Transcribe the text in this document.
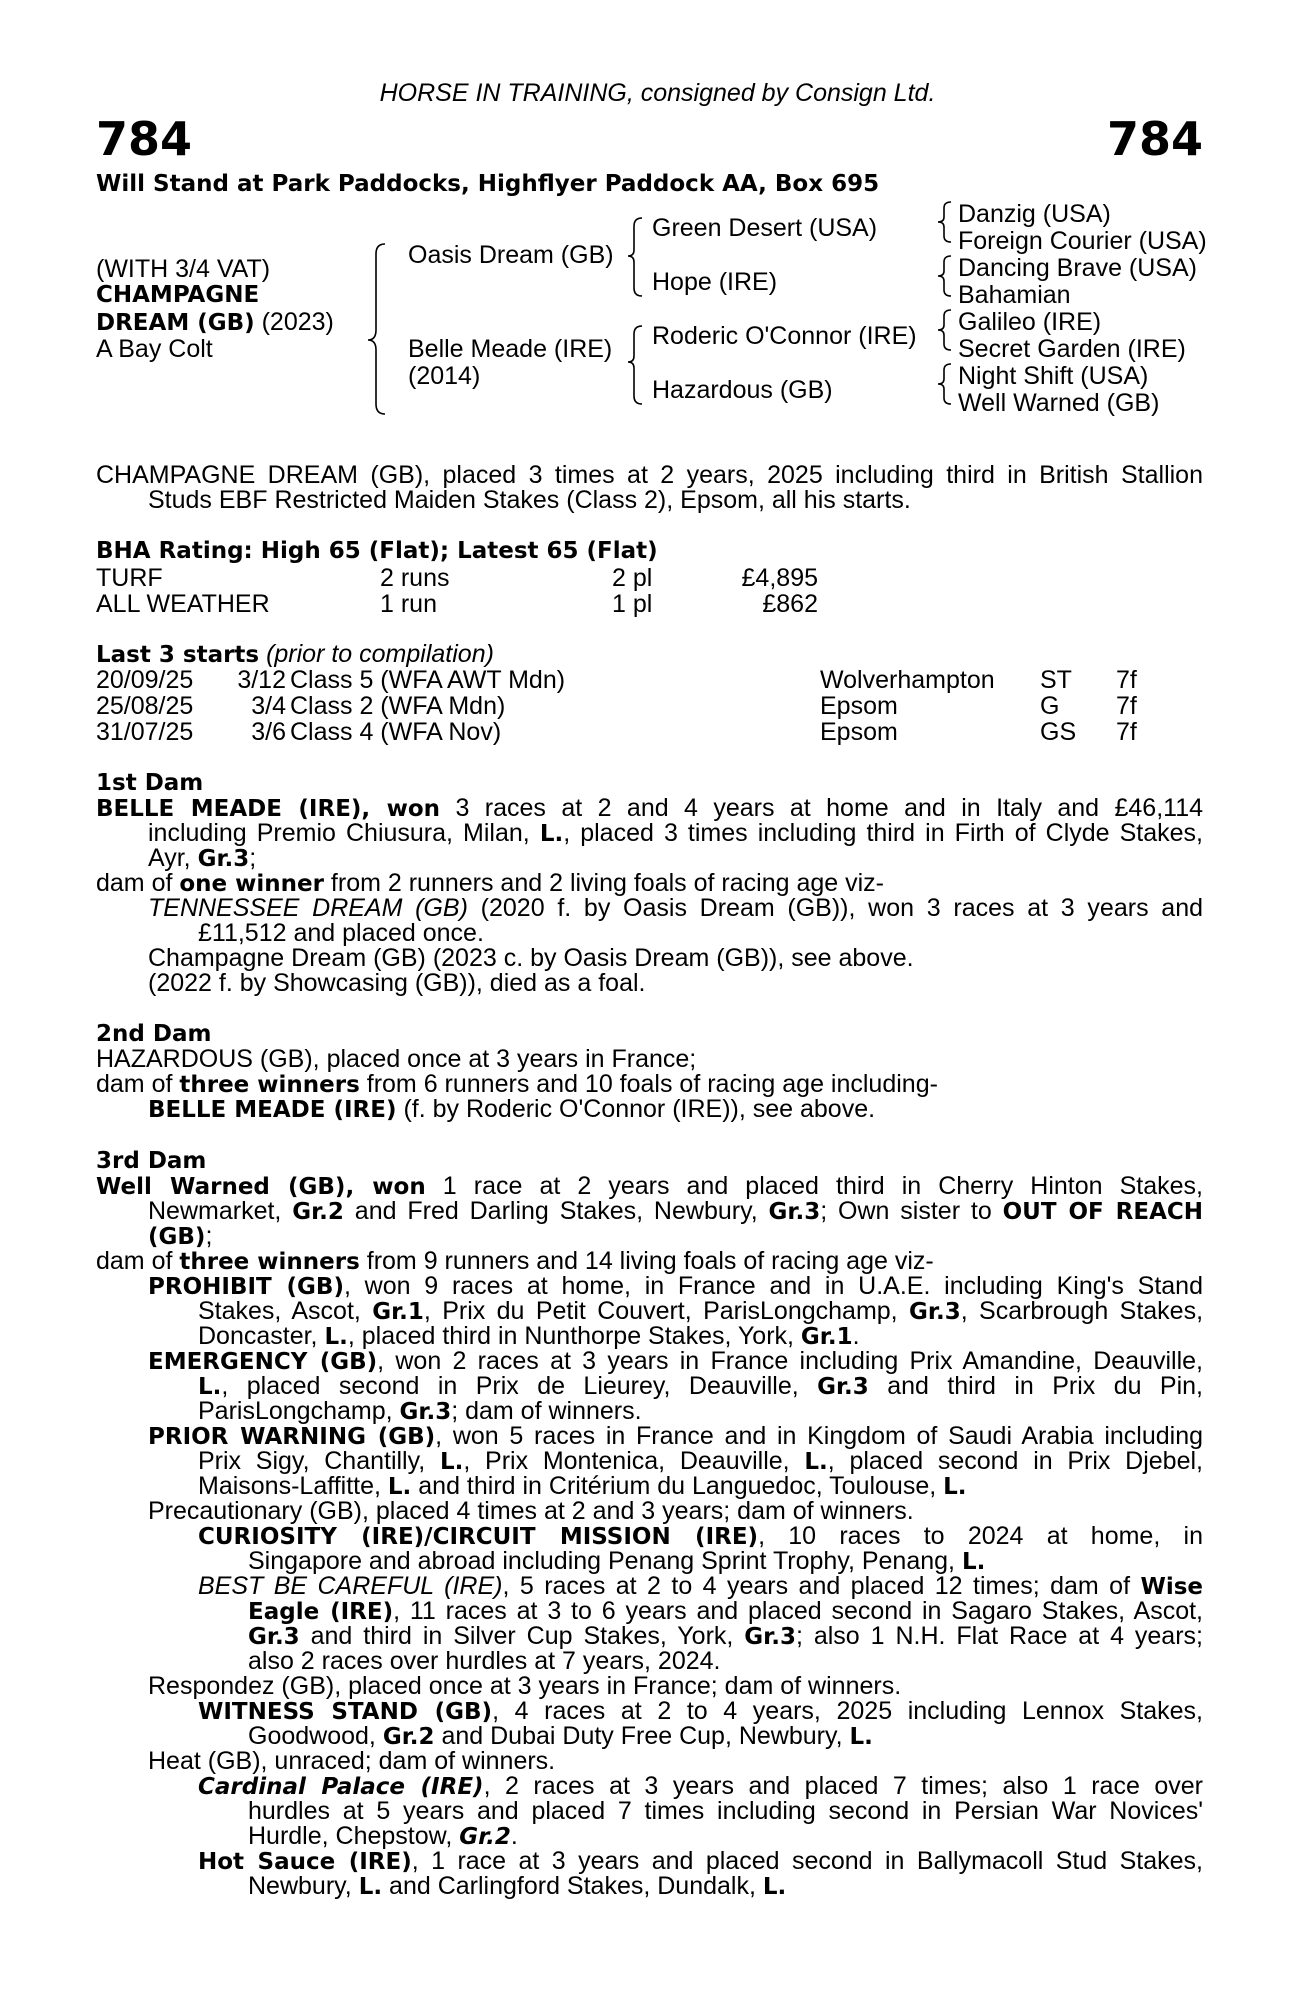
HORSE IN TRAINING, consigned by Consign Ltd.
784	784
Will Stand at Park Paddocks, Highflyer Paddock AA, Box 695
(WITH 3/4 VAT)
CHAMPAGNE
DREAM (GB) (2023)
A Bay Colt
Oasis Dream (GB)
Belle Meade (IRE)
(2014)
Green Desert (USA)
Hope (IRE)
Roderic O'Connor (IRE)
Hazardous (GB)
Danzig (USA)
Foreign Courier (USA)
Dancing Brave (USA)
Bahamian
Galileo (IRE)
Secret Garden (IRE)
Night Shift (USA)
Well Warned (GB)
CHAMPAGNE DREAM (GB), placed 3 times at 2 years, 2025 including third in British Stallion
Studs EBF Restricted Maiden Stakes (Class 2), Epsom, all his starts.
BHA Rating: High 65 (Flat); Latest 65 (Flat)
TURF	2 runs	2 pl	£4,895
ALL WEATHER	1 run	1 pl	£862
Last 3 starts (prior to compilation)
20/09/25	3/12 Class 5 (WFA AWT Mdn)	Wolverhampton ST 7f
25/08/25	3/4 Class 2 (WFA Mdn)	Epsom	G 7f
31/07/25	3/6 Class 4 (WFA Nov)	Epsom	GS 7f
1st Dam
BELLE MEADE (IRE), won 3 races at 2 and 4 years at home and in Italy and £46,114
including Premio Chiusura, Milan, L., placed 3 times including third in Firth of Clyde Stakes,
Ayr, Gr.3;
dam of one winner from 2 runners and 2 living foals of racing age viz-
TENNESSEE DREAM (GB) (2020 f. by Oasis Dream (GB)), won 3 races at 3 years and
£11,512 and placed once.
Champagne Dream (GB) (2023 c. by Oasis Dream (GB)), see above.
(2022 f. by Showcasing (GB)), died as a foal.
2nd Dam
HAZARDOUS (GB), placed once at 3 years in France;
dam of three winners from 6 runners and 10 foals of racing age including-
BELLE MEADE (IRE) (f. by Roderic O'Connor (IRE)), see above.
3rd Dam
Well Warned (GB), won 1 race at 2 years and placed third in Cherry Hinton Stakes,
Newmarket, Gr.2 and Fred Darling Stakes, Newbury, Gr.3; Own sister to OUT OF REACH
(GB);
dam of three winners from 9 runners and 14 living foals of racing age viz-
PROHIBIT (GB), won 9 races at home, in France and in U.A.E. including King's Stand
Stakes, Ascot, Gr.1, Prix du Petit Couvert, ParisLongchamp, Gr.3, Scarbrough Stakes,
Doncaster, L., placed third in Nunthorpe Stakes, York, Gr.1.
EMERGENCY (GB), won 2 races at 3 years in France including Prix Amandine, Deauville,
L., placed second in Prix de Lieurey, Deauville, Gr.3 and third in Prix du Pin,
ParisLongchamp, Gr.3; dam of winners.
PRIOR WARNING (GB), won 5 races in France and in Kingdom of Saudi Arabia including
Prix Sigy, Chantilly, L., Prix Montenica, Deauville, L., placed second in Prix Djebel,
Maisons-Laffitte, L. and third in Critérium du Languedoc, Toulouse, L.
Precautionary (GB), placed 4 times at 2 and 3 years; dam of winners.
CURIOSITY (IRE)/CIRCUIT MISSION (IRE), 10 races to 2024 at home, in
Singapore and abroad including Penang Sprint Trophy, Penang, L.
BEST BE CAREFUL (IRE), 5 races at 2 to 4 years and placed 12 times; dam of Wise
Eagle (IRE), 11 races at 3 to 6 years and placed second in Sagaro Stakes, Ascot,
Gr.3 and third in Silver Cup Stakes, York, Gr.3; also 1 N.H. Flat Race at 4 years;
also 2 races over hurdles at 7 years, 2024.
Respondez (GB), placed once at 3 years in France; dam of winners.
WITNESS STAND (GB), 4 races at 2 to 4 years, 2025 including Lennox Stakes,
Goodwood, Gr.2 and Dubai Duty Free Cup, Newbury, L.
Heat (GB), unraced; dam of winners.
Cardinal Palace (IRE), 2 races at 3 years and placed 7 times; also 1 race over
hurdles at 5 years and placed 7 times including second in Persian War Novices'
Hurdle, Chepstow, Gr.2.
Hot Sauce (IRE), 1 race at 3 years and placed second in Ballymacoll Stud Stakes,
Newbury, L. and Carlingford Stakes, Dundalk, L.
